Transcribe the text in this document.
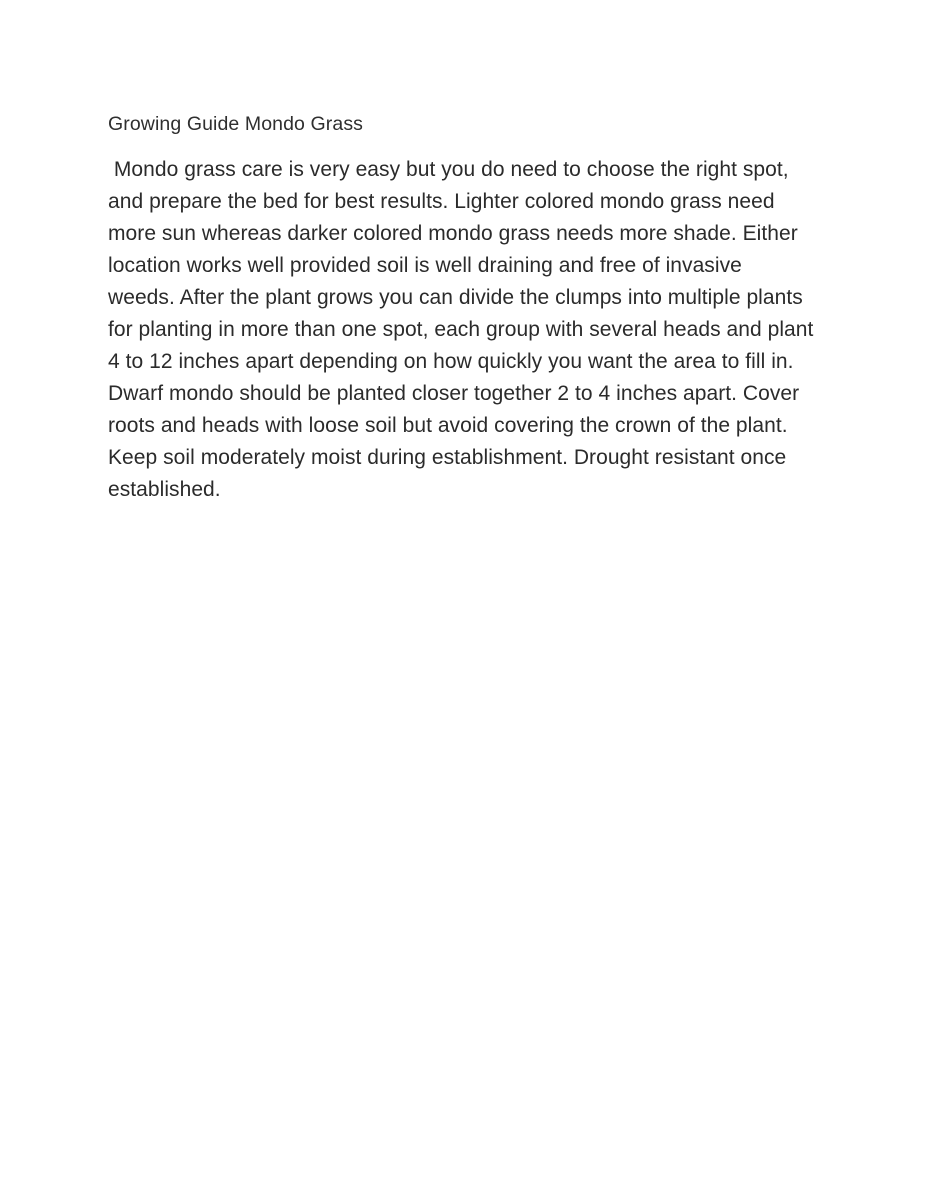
Growing Guide Mondo Grass

Mondo grass care is very easy but you do need to choose the right spot, and prepare the bed for best results. Lighter colored mondo grass need more sun whereas darker colored mondo grass needs more shade. Either location works well provided soil is well draining and free of invasive weeds. After the plant grows you can divide the clumps into multiple plants for planting in more than one spot, each group with several heads and plant 4 to 12 inches apart depending on how quickly you want the area to fill in. Dwarf mondo should be planted closer together 2 to 4 inches apart. Cover roots and heads with loose soil but avoid covering the crown of the plant. Keep soil moderately moist during establishment. Drought resistant once established.
